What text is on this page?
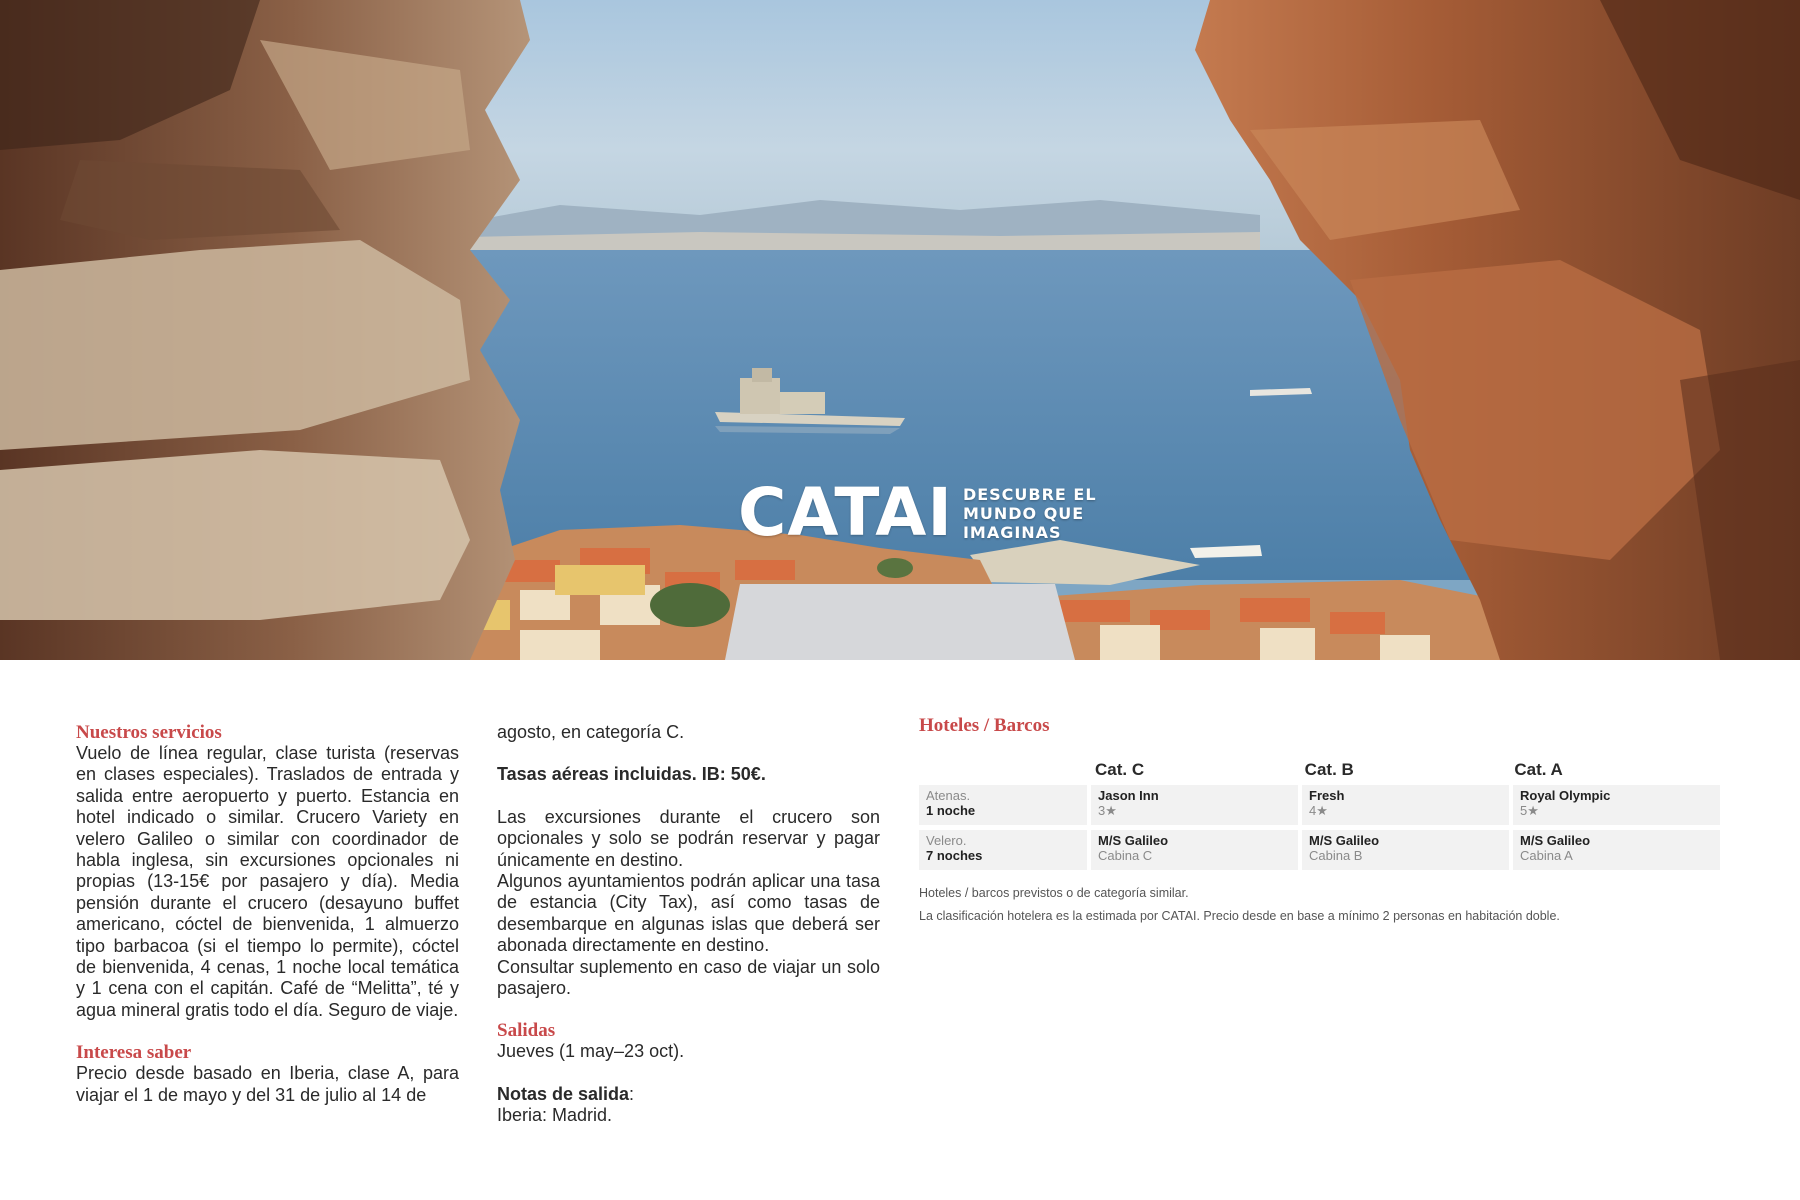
CATAI DESCUBRE EL
MUNDO QUE
IMAGINAS
Nuestros servicios

Vuelo de línea regular, clase turista (reservas en clases especiales). Traslados de entrada y salida entre aeropuerto y puerto. Estancia en hotel indicado o similar. Crucero Variety en velero Galileo o similar con coordinador de habla inglesa, sin excursiones opcionales ni propias (13-15€ por pasajero y día). Media pensión durante el crucero (desayuno buffet americano, cóctel de bienvenida, 1 almuerzo tipo barbacoa (si el tiempo lo permite), cóctel de bienvenida, 4 cenas, 1 noche local temática y 1 cena con el capitán. Café de “Melitta”, té y agua mineral gratis todo el día. Seguro de viaje.

Interesa saber

Precio desde basado en Iberia, clase A, para viajar el 1 de mayo y del 31 de julio al 14 de

agosto, en categoría C.

Tasas aéreas incluidas. IB: 50€.

Las excursiones durante el crucero son opcionales y solo se podrán reservar y pagar únicamente en destino.

Algunos ayuntamientos podrán aplicar una tasa de estancia (City Tax), así como tasas de desembarque en algunas islas que deberá ser abonada directamente en destino.

Consultar suplemento en caso de viajar un solo pasajero.

Salidas

Jueves (1 may–23 oct).

Notas de salida:

Iberia: Madrid.

Hoteles / Barcos
Cat. C	Cat. B	Cat. A
Atenas.
1 noche
Jason Inn
3★
Fresh
4★
Royal Olympic
5★
Velero.
7 noches
M/S Galileo
Cabina C
M/S Galileo
Cabina B
M/S Galileo
Cabina A
Hoteles / barcos previstos o de categoría similar.
La clasificación hotelera es la estimada por CATAI. Precio desde en base a mínimo 2 personas en habitación doble.
